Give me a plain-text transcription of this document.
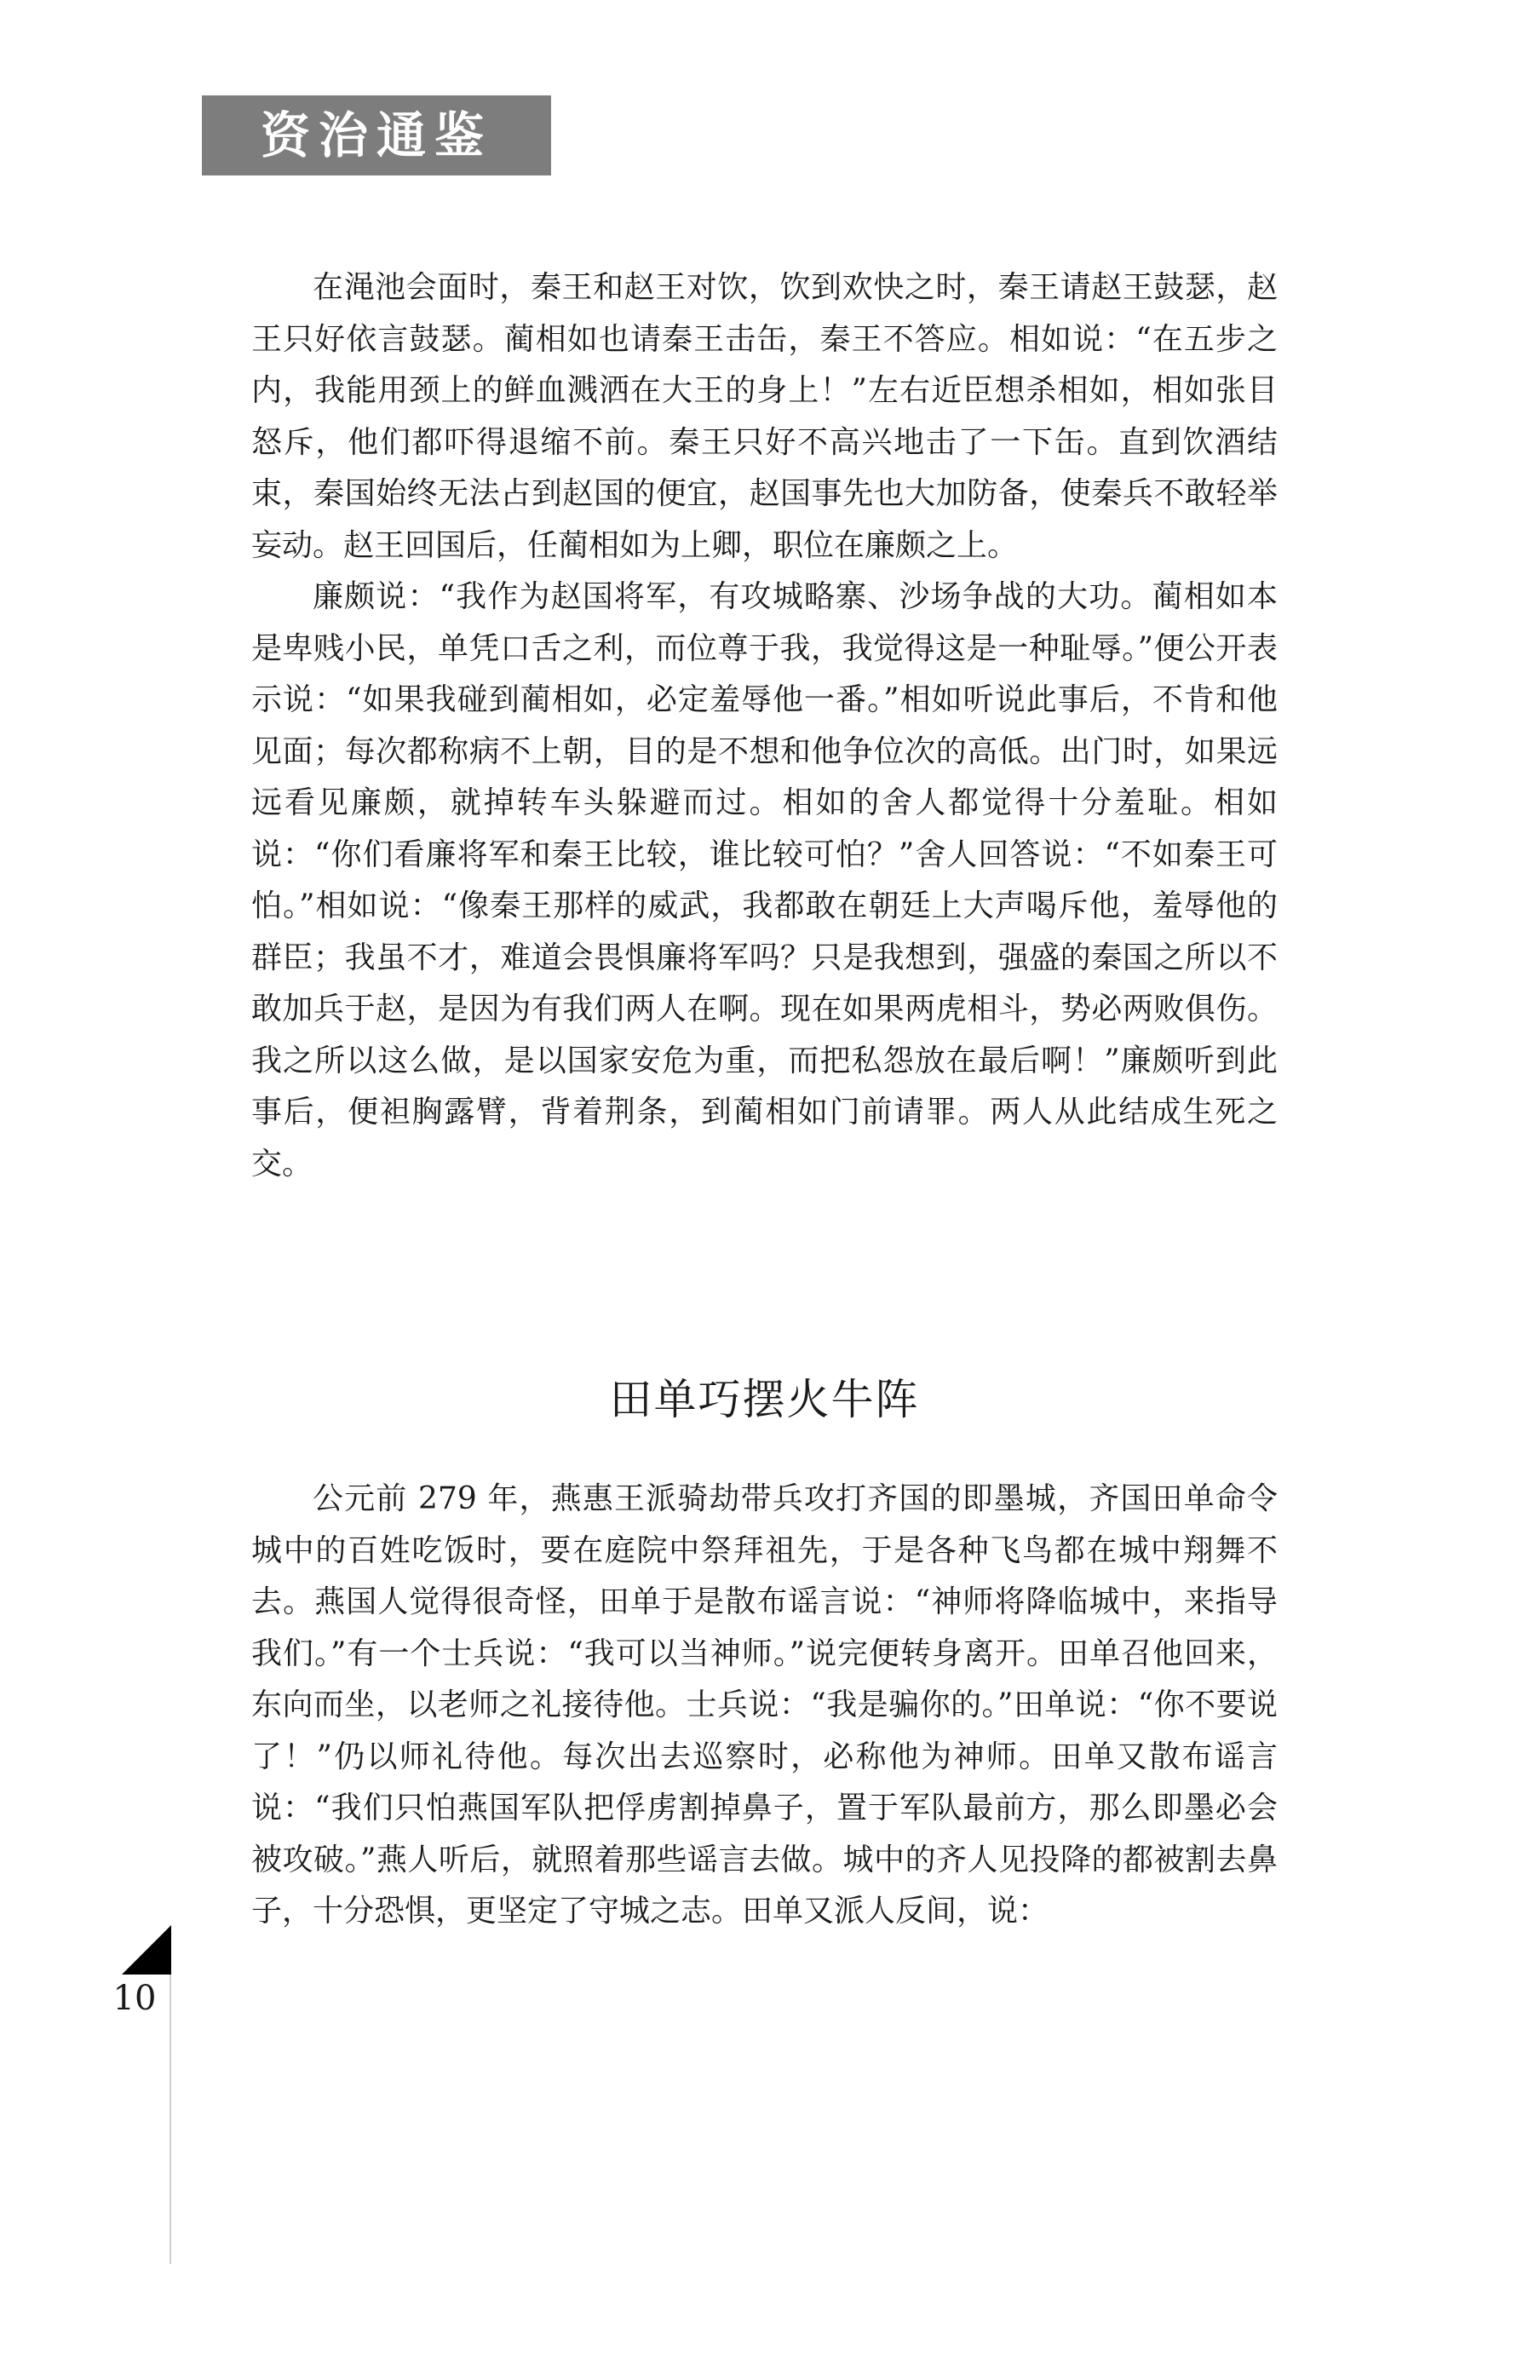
资治通鉴

在渑池会面时，秦王和赵王对饮，饮到欢快之时，秦王请赵王鼓瑟，赵王只好依言鼓瑟。蔺相如也请秦王击缶，秦王不答应。相如说：“在五步之内，我能用颈上的鲜血溅洒在大王的身上！”左右近臣想杀相如，相如张目怒斥，他们都吓得退缩不前。秦王只好不高兴地击了一下缶。直到饮酒结束，秦国始终无法占到赵国的便宜，赵国事先也大加防备，使秦兵不敢轻举妄动。赵王回国后，任蔺相如为上卿，职位在廉颇之上。

廉颇说：“我作为赵国将军，有攻城略寨、沙场争战的大功。蔺相如本是卑贱小民，单凭口舌之利，而位尊于我，我觉得这是一种耻辱。”便公开表示说：“如果我碰到蔺相如，必定羞辱他一番。”相如听说此事后，不肯和他见面；每次都称病不上朝，目的是不想和他争位次的高低。出门时，如果远远看见廉颇，就掉转车头躲避而过。相如的舍人都觉得十分羞耻。相如说：“你们看廉将军和秦王比较，谁比较可怕？”舍人回答说：“不如秦王可怕。”相如说：“像秦王那样的威武，我都敢在朝廷上大声喝斥他，羞辱他的群臣；我虽不才，难道会畏惧廉将军吗？只是我想到，强盛的秦国之所以不敢加兵于赵，是因为有我们两人在啊。现在如果两虎相斗，势必两败俱伤。我之所以这么做，是以国家安危为重，而把私怨放在最后啊！”廉颇听到此事后，便袒胸露臂，背着荆条，到蔺相如门前请罪。两人从此结成生死之交。

田单巧摆火牛阵

公元前 279 年，燕惠王派骑劫带兵攻打齐国的即墨城，齐国田单命令城中的百姓吃饭时，要在庭院中祭拜祖先，于是各种飞鸟都在城中翔舞不去。燕国人觉得很奇怪，田单于是散布谣言说：“神师将降临城中，来指导我们。”有一个士兵说：“我可以当神师。”说完便转身离开。田单召他回来，东向而坐，以老师之礼接待他。士兵说：“我是骗你的。”田单说：“你不要说了！”仍以师礼待他。每次出去巡察时，必称他为神师。田单又散布谣言说：“我们只怕燕国军队把俘虏割掉鼻子，置于军队最前方，那么即墨必会被攻破。”燕人听后，就照着那些谣言去做。城中的齐人见投降的都被割去鼻子，十分恐惧，更坚定了守城之志。田单又派人反间，说：

10
